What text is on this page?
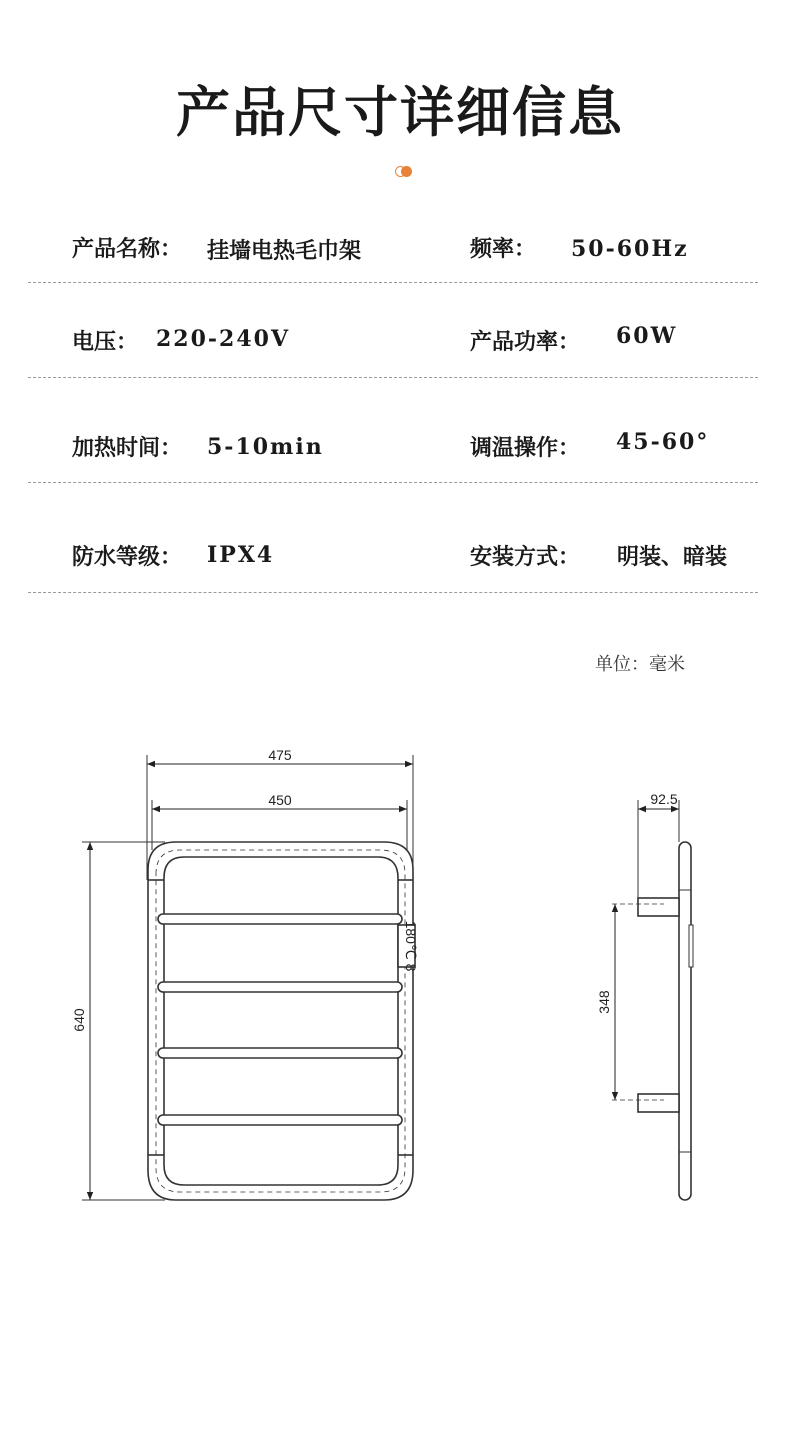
产品尺寸详细信息
产品名称： 挂墙电热毛巾架	频率： 50-60Hz
电压： 220-240V	产品功率： 60W
加热时间： 5-10min	调温操作： 45-60°
防水等级： IPX4	安装方式： 明装、暗装
单位：毫米
180℃ 8
475
450
640
92.5
348
